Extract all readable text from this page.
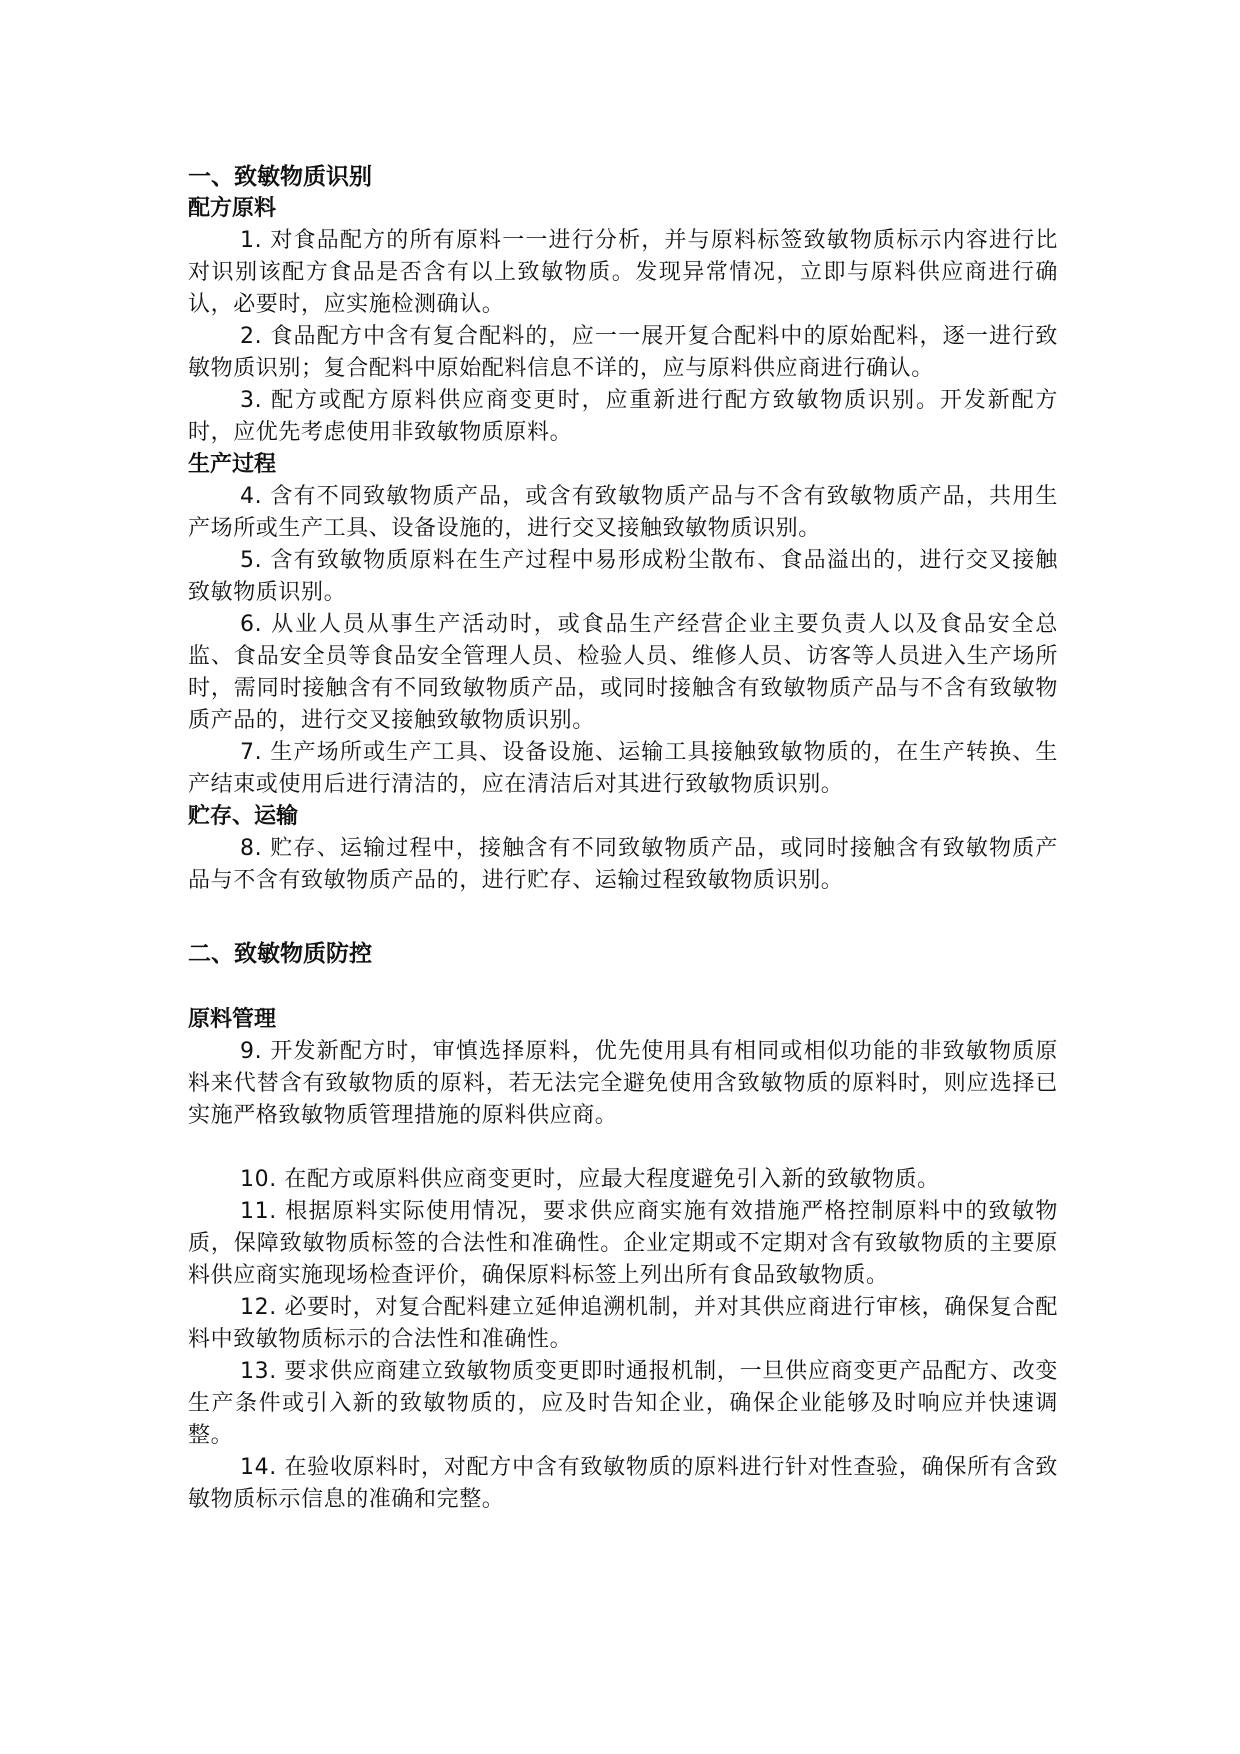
一、致敏物质识别

配方原料

1. 对食品配方的所有原料一一进行分析，并与原料标签致敏物质标示内容进行比对识别该配方食品是否含有以上致敏物质。发现异常情况，立即与原料供应商进行确认，必要时，应实施检测确认。

2. 食品配方中含有复合配料的，应一一展开复合配料中的原始配料，逐一进行致敏物质识别；复合配料中原始配料信息不详的，应与原料供应商进行确认。

3. 配方或配方原料供应商变更时，应重新进行配方致敏物质识别。开发新配方时，应优先考虑使用非致敏物质原料。

生产过程

4. 含有不同致敏物质产品，或含有致敏物质产品与不含有致敏物质产品，共用生产场所或生产工具、设备设施的，进行交叉接触致敏物质识别。

5. 含有致敏物质原料在生产过程中易形成粉尘散布、食品溢出的，进行交叉接触致敏物质识别。

6. 从业人员从事生产活动时，或食品生产经营企业主要负责人以及食品安全总监、食品安全员等食品安全管理人员、检验人员、维修人员、访客等人员进入生产场所时，需同时接触含有不同致敏物质产品，或同时接触含有致敏物质产品与不含有致敏物质产品的，进行交叉接触致敏物质识别。

7. 生产场所或生产工具、设备设施、运输工具接触致敏物质的，在生产转换、生产结束或使用后进行清洁的，应在清洁后对其进行致敏物质识别。

贮存、运输

8. 贮存、运输过程中，接触含有不同致敏物质产品，或同时接触含有致敏物质产品与不含有致敏物质产品的，进行贮存、运输过程致敏物质识别。

二、致敏物质防控

原料管理

9. 开发新配方时，审慎选择原料，优先使用具有相同或相似功能的非致敏物质原料来代替含有致敏物质的原料，若无法完全避免使用含致敏物质的原料时，则应选择已实施严格致敏物质管理措施的原料供应商。

10. 在配方或原料供应商变更时，应最大程度避免引入新的致敏物质。

11. 根据原料实际使用情况，要求供应商实施有效措施严格控制原料中的致敏物质，保障致敏物质标签的合法性和准确性。企业定期或不定期对含有致敏物质的主要原料供应商实施现场检查评价，确保原料标签上列出所有食品致敏物质。

12. 必要时，对复合配料建立延伸追溯机制，并对其供应商进行审核，确保复合配料中致敏物质标示的合法性和准确性。

13. 要求供应商建立致敏物质变更即时通报机制，一旦供应商变更产品配方、改变生产条件或引入新的致敏物质的，应及时告知企业，确保企业能够及时响应并快速调整。

14. 在验收原料时，对配方中含有致敏物质的原料进行针对性查验，确保所有含致敏物质标示信息的准确和完整。
